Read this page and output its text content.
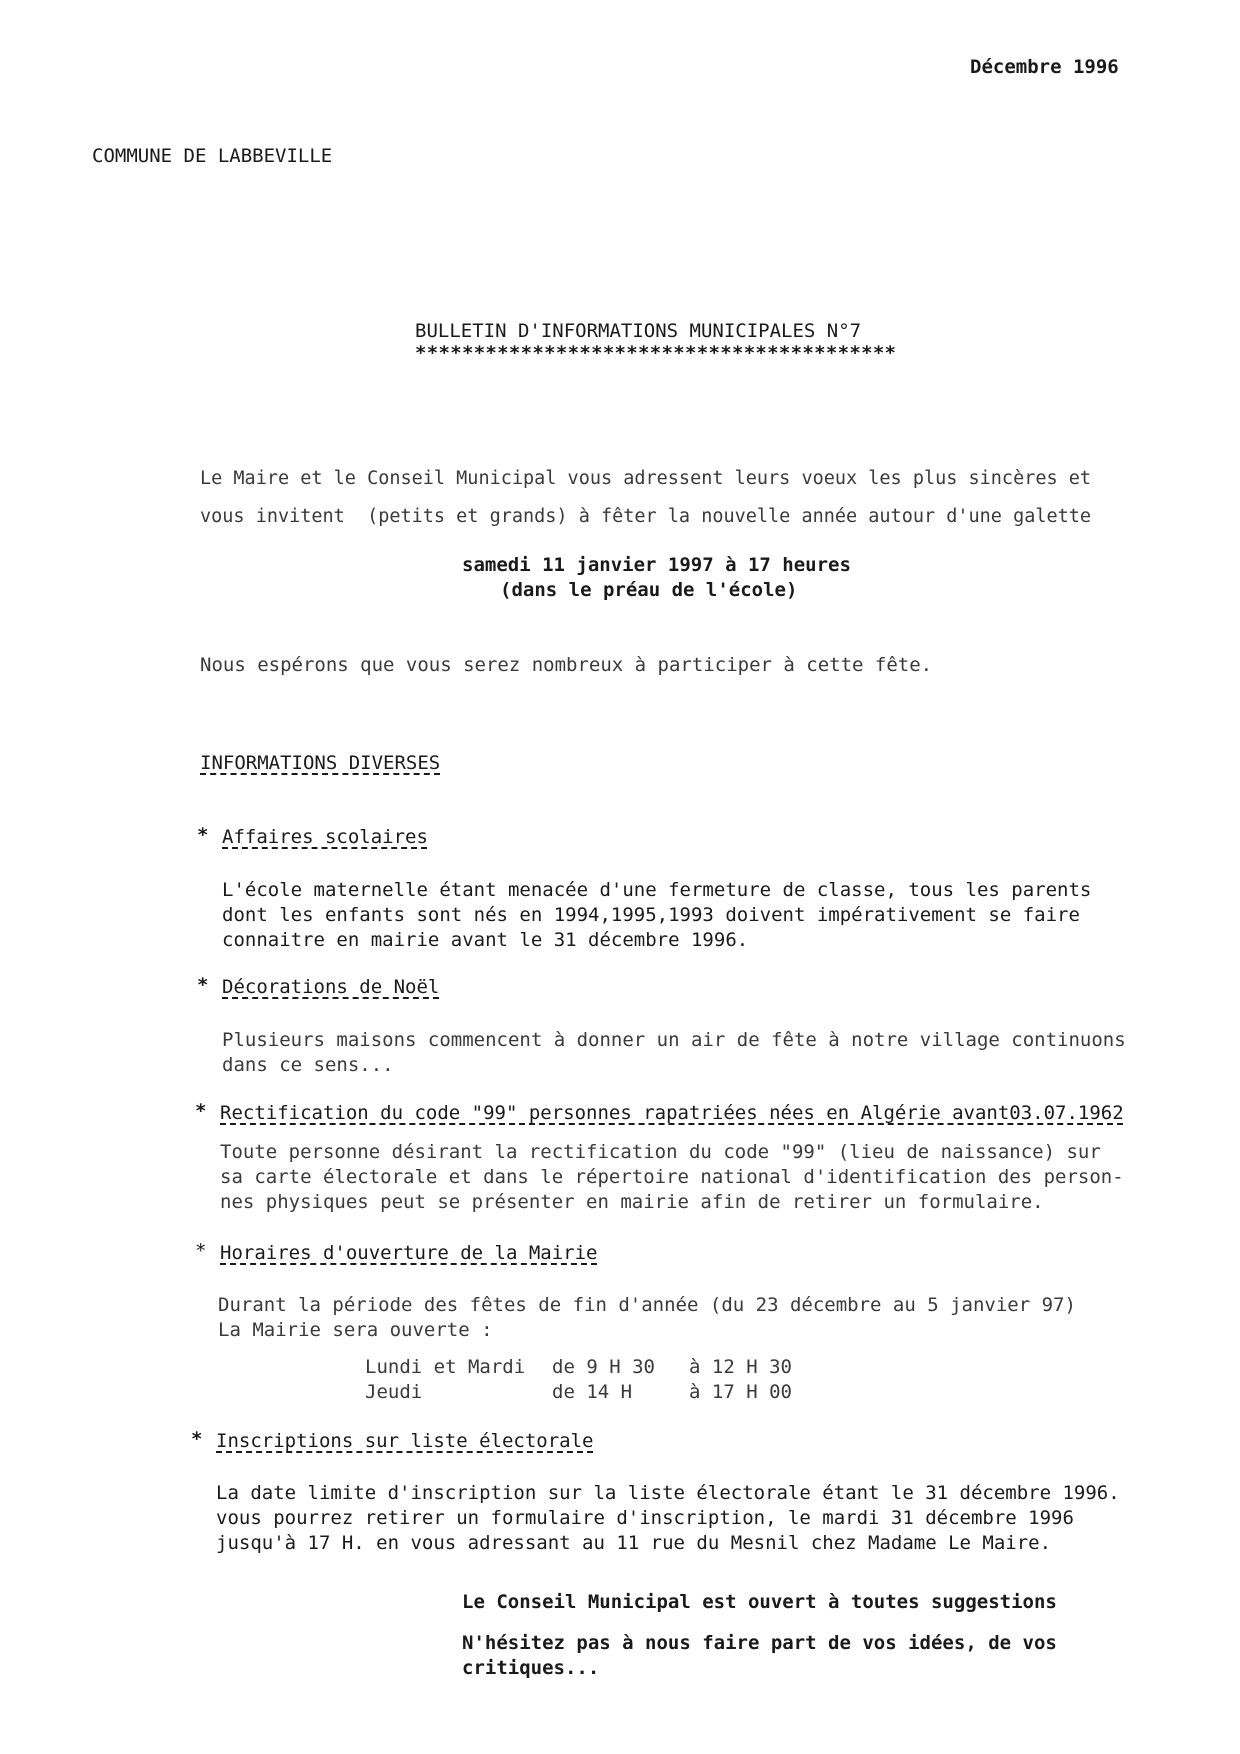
Décembre 1996

COMMUNE DE LABBEVILLE

BULLETIN D'INFORMATIONS MUNICIPALES N°7

*****************************************

Le Maire et le Conseil Municipal vous adressent leurs voeux les plus sincères et

vous invitent  (petits et grands) à fêter la nouvelle année autour d'une galette

samedi 11 janvier 1997 à 17 heures

(dans le préau de l'école)

Nous espérons que vous serez nombreux à participer à cette fête.

INFORMATIONS DIVERSES

* Affaires scolaires

L'école maternelle étant menacée d'une fermeture de classe, tous les parents

dont les enfants sont nés en 1994,1995,1993 doivent impérativement se faire

connaitre en mairie avant le 31 décembre 1996.

* Décorations de Noël

Plusieurs maisons commencent à donner un air de fête à notre village continuons

dans ce sens...

* Rectification du code "99" personnes rapatriées nées en Algérie avant03.07.1962

Toute personne désirant la rectification du code "99" (lieu de naissance) sur

sa carte électorale et dans le répertoire national d'identification des person-

nes physiques peut se présenter en mairie afin de retirer un formulaire.

* Horaires d'ouverture de la Mairie

Durant la période des fêtes de fin d'année (du 23 décembre au 5 janvier 97)

La Mairie sera ouverte :

Lundi et Mardi de 9 H 30 à 12 H 30

Jeudi	de 14 H	à 17 H 00

* Inscriptions sur liste électorale

La date limite d'inscription sur la liste électorale étant le 31 décembre 1996.

vous pourrez retirer un formulaire d'inscription, le mardi 31 décembre 1996

jusqu'à 17 H. en vous adressant au 11 rue du Mesnil chez Madame Le Maire.

Le Conseil Municipal est ouvert à toutes suggestions

N'hésitez pas à nous faire part de vos idées, de vos

critiques...
